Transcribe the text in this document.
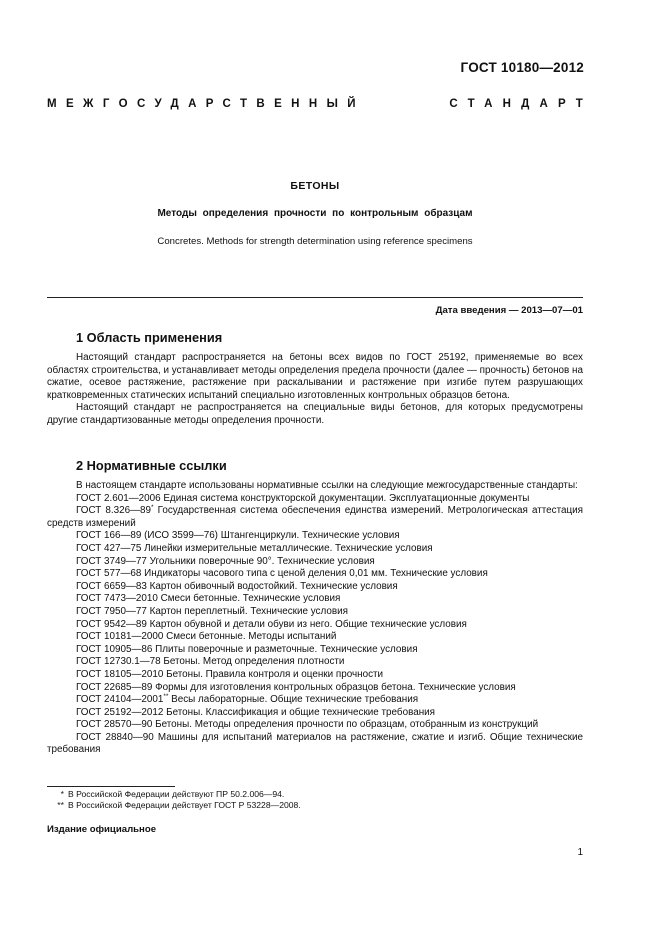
ГОСТ 10180—2012
МЕЖГОСУДАРСТВЕННЫЙ	СТАНДАРТ
БЕТОНЫ
Методы определения прочности по контрольным образцам
Concretes. Methods for strength determination using reference specimens
Дата введения — 2013—07—01
1 Область применения

Настоящий стандарт распространяется на бетоны всех видов по ГОСТ 25192, применяемые во всех областях строительства, и устанавливает методы определения предела прочности (далее — прочность) бетонов на сжатие, осевое растяжение, растяжение при раскалывании и растяжение при изгибе путем разрушающих кратковременных статических испытаний специально изготовленных контрольных образцов бетона.

Настоящий стандарт не распространяется на специальные виды бетонов, для которых предусмотрены другие стандартизованные методы определения прочности.

2 Нормативные ссылки

В настоящем стандарте использованы нормативные ссылки на следующие межгосударственные стандарты:

ГОСТ 2.601—2006 Единая система конструкторской документации. Эксплуатационные документы
ГОСТ 8.326—89* Государственная система обеспечения единства измерений. Метрологическая аттестация средств измерений
ГОСТ 166—89 (ИСО 3599—76) Штангенциркули. Технические условия
ГОСТ 427—75 Линейки измерительные металлические. Технические условия
ГОСТ 3749—77 Угольники поверочные 90°. Технические условия
ГОСТ 577—68 Индикаторы часового типа с ценой деления 0,01 мм. Технические условия
ГОСТ 6659—83 Картон обивочный водостойкий. Технические условия
ГОСТ 7473—2010 Смеси бетонные. Технические условия
ГОСТ 7950—77 Картон переплетный. Технические условия
ГОСТ 9542—89 Картон обувной и детали обуви из него. Общие технические условия
ГОСТ 10181—2000 Смеси бетонные. Методы испытаний
ГОСТ 10905—86 Плиты поверочные и разметочные. Технические условия
ГОСТ 12730.1—78 Бетоны. Метод определения плотности
ГОСТ 18105—2010 Бетоны. Правила контроля и оценки прочности
ГОСТ 22685—89 Формы для изготовления контрольных образцов бетона. Технические условия
ГОСТ 24104—2001** Весы лабораторные. Общие технические требования
ГОСТ 25192—2012 Бетоны. Классификация и общие технические требования
ГОСТ 28570—90 Бетоны. Методы определения прочности по образцам, отобранным из конструкций
ГОСТ 28840—90 Машины для испытаний материалов на растяжение, сжатие и изгиб. Общие технические требования
* В Российской Федерации действуют ПР 50.2.006—94.
** В Российской Федерации действует ГОСТ Р 53228—2008.
Издание официальное
1
